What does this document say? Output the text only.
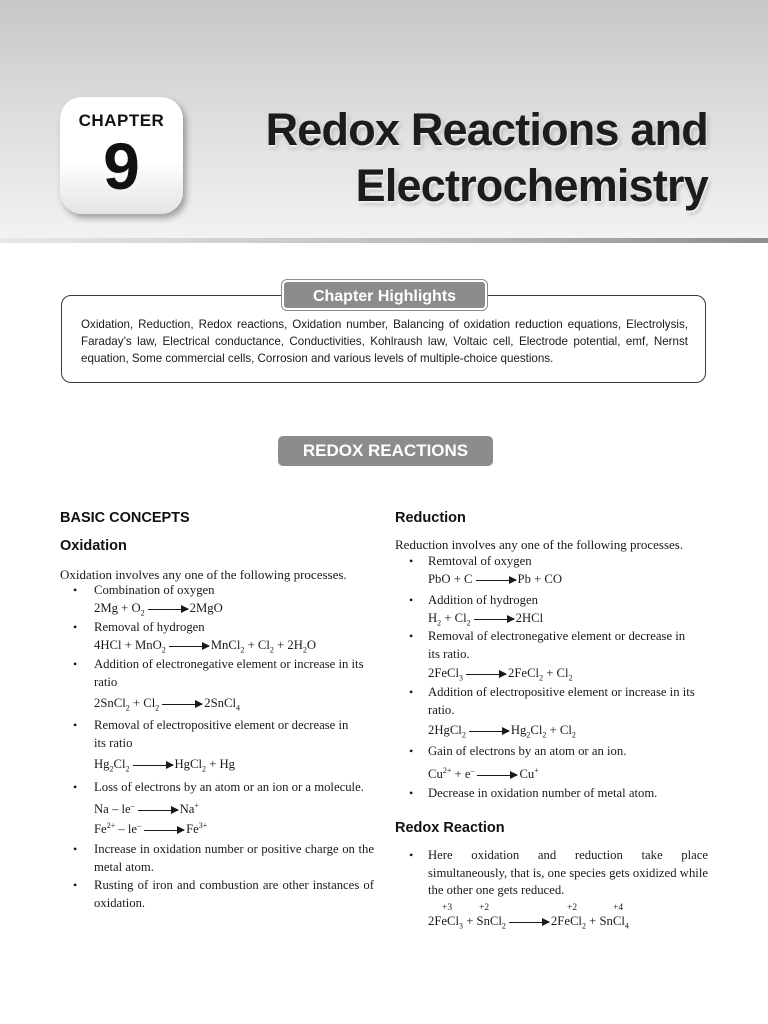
CHAPTER
9	Redox Reactions and
Electrochemistry
Chapter Highlights
Oxidation, Reduction, Redox reactions, Oxidation number, Balancing of oxidation reduction equations, Electrolysis, Faraday’s law, Electrical conductance, Conductivities, Kohlraush law, Voltaic cell, Electrode potential, emf, Nernst equation, Some commercial cells, Corrosion and various levels of multiple-choice questions.
REDOX REACTIONS
BASIC CONCEPTS
Oxidation
Oxidation involves any one of the following processes.
• Combination of oxygen
$2Mg + O_2$	2MgO
• Removal of hydrogen
4HCl + MnO$_2$	MnCl$_2$ + $Cl_2 + 2H_2O$
• Addition of electronegative element or increase in its ratio
2SnCl$_2$ + $Cl_2$	2SnCl$_4$
• Removal of electropositive element or decrease in its ratio
$Hg_2Cl_2$	HgCl$_2$ + Hg
• Loss of electrons by an atom or an ion or a molecule.
Na – le–	Na+
$Fe^{2+} - le^-$	$Fe^{3+}$
• Increase in oxidation number or positive charge on the metal atom.
• Rusting of iron and combustion are other instances of oxidation.
Reduction
Reduction involves any one of the following processes.
• Remtoval of oxygen
PbO + C	Pb + CO
• Addition of hydrogen
$H_2 + Cl_2$	2HCl
• Removal of electronegative element or decrease in its ratio.
2FeCl$_3$	2FeCl$_2$ + $Cl_2$
• Addition of electropositive element or increase in its ratio.
2HgCl$_2$	$Hg_2Cl_2 + Cl_2$
• Gain of electrons by an atom or an ion.
$Cu^{2+} + e^-$	Cu+
• Decrease in oxidation number of metal atom.
Redox Reaction
• Here oxidation and reduction take place simultaneously, that is, one species gets oxidized while the other one gets reduced.
+3	+2	+2	+4
2FeCl$_3$ + SnCl$_2$	2FeCl$_2$ + SnCl$_4$
